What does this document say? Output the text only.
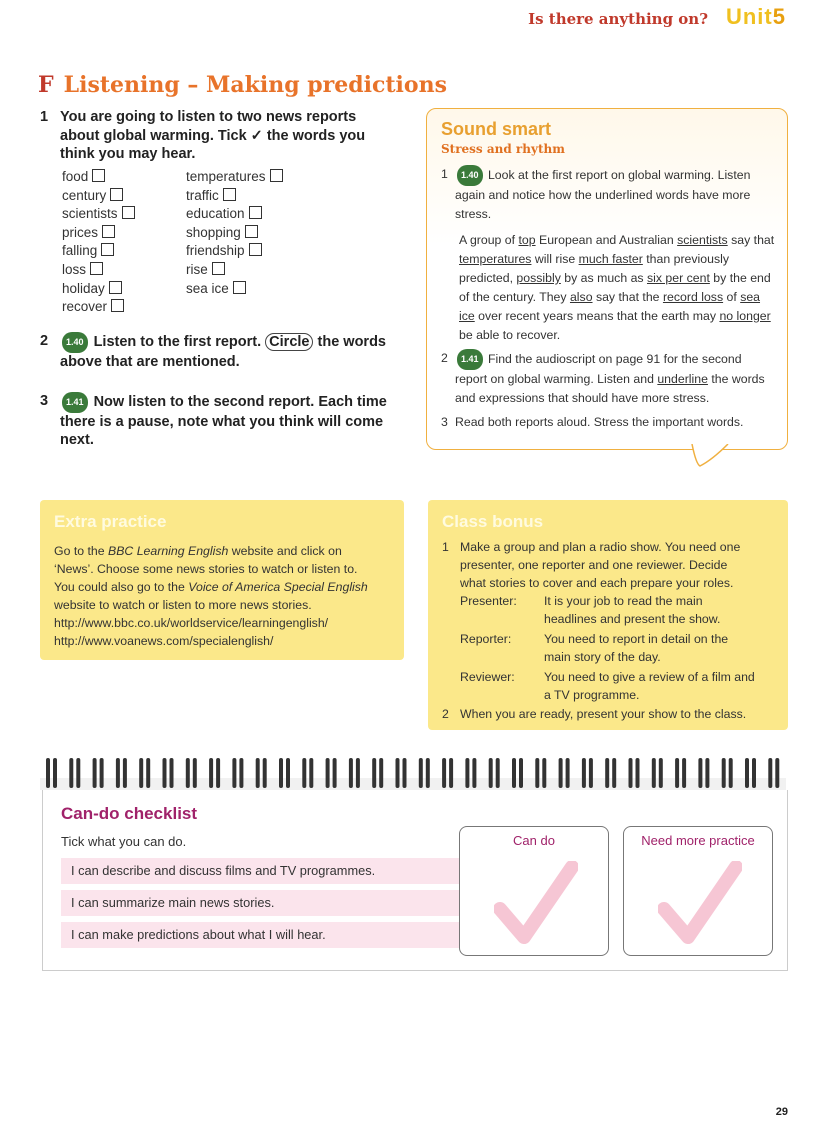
Is there anything on? Unit5
F Listening – Making predictions
1 You are going to listen to two news reports about global warming. Tick ✓ the words you think you may hear.
food
century
scientists
prices
falling
loss
holiday
recover
temperatures
traffic
education
shopping
friendship
rise
sea ice
2 1.40 Listen to the first report. Circle the words above that are mentioned.
3 1.41 Now listen to the second report. Each time there is a pause, note what you think will come next.
Sound smart
Stress and rhythm
1 1.40 Look at the first report on global warming. Listen again and notice how the underlined words have more stress.
A group of top European and Australian scientists say that temperatures will rise much faster than previously predicted, possibly by as much as six per cent by the end of the century. They also say that the record loss of sea ice over recent years means that the earth may no longer be able to recover.
2 1.41 Find the audioscript on page 91 for the second report on global warming. Listen and underline the words and expressions that should have more stress.
3 Read both reports aloud. Stress the important words.
Extra practice
Go to the BBC Learning English website and click on
‘News’. Choose some news stories to watch or listen to.
You could also go to the Voice of America Special English
website to watch or listen to more news stories.
http://www.bbc.co.uk/worldservice/learningenglish/
http://www.voanews.com/specialenglish/
Class bonus
1 Make a group and plan a radio show. You need one
presenter, one reporter and one reviewer. Decide
what stories to cover and each prepare your roles.
Presenter: It is your job to read the main
headlines and present the show.
Reporter:	You need to report in detail on the
main story of the day.
Reviewer: You need to give a review of a film and
a TV programme.
2 When you are ready, present your show to the class.
Can-do checklist
Tick what you can do.
I can describe and discuss films and TV programmes.
I can summarize main news stories.
I can make predictions about what I will hear.
Can do	Need more practice
29
